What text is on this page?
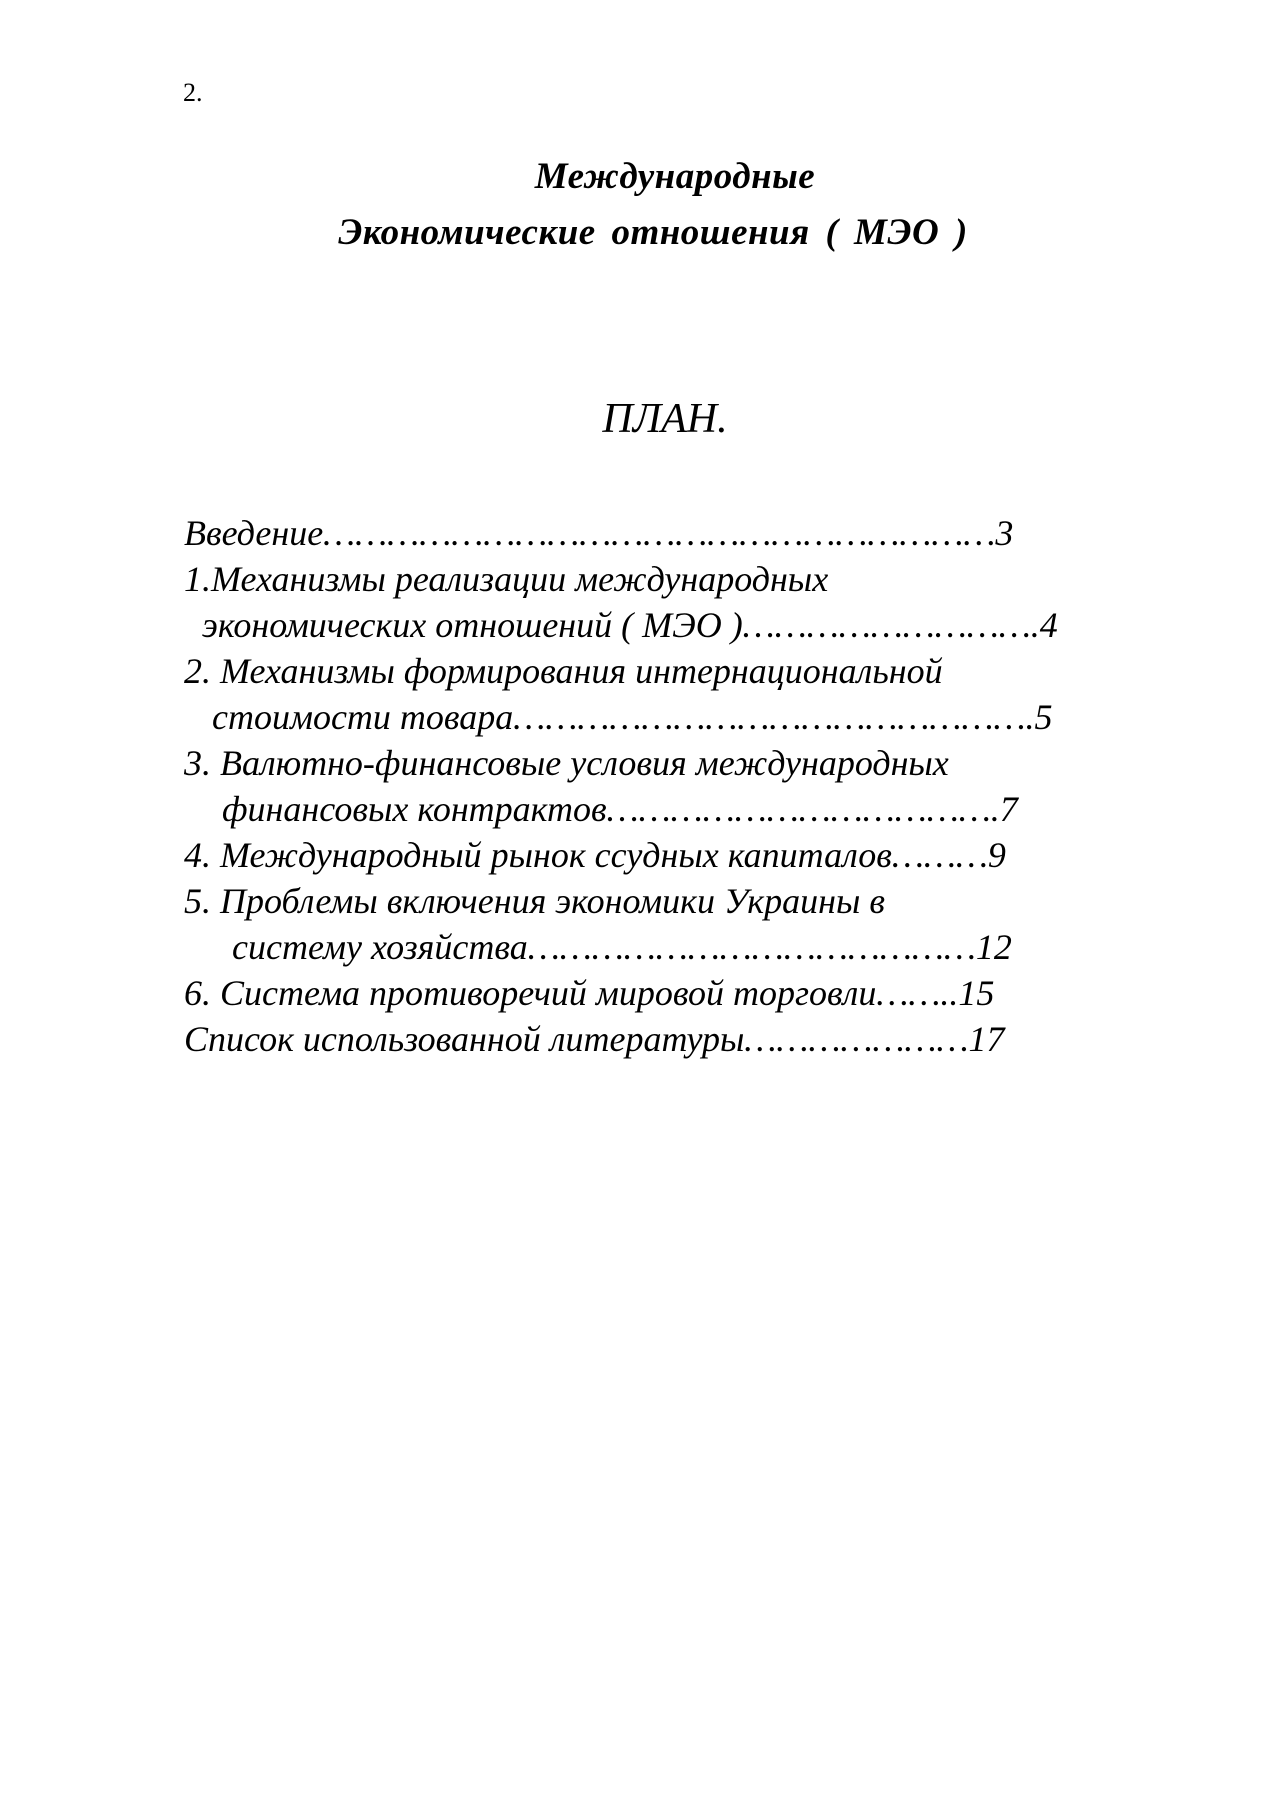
2.
Международные
Экономические отношения ( МЭО )
ПЛАН.
Введение………………………………………………………3
1.Механизмы реализации международных
экономических отношений ( МЭО )……………………….4
2. Механизмы формирования интернациональной
стоимости товара………………………………………….5
3. Валютно-финансовые условия международных
финансовых контрактов……………………………….7
4. Международный рынок ссудных капиталов………9
5. Проблемы включения экономики Украины в
систему хозяйства……………………………………12
6. Система противоречий мировой торговли……..15
Список использованной литературы…………………17
